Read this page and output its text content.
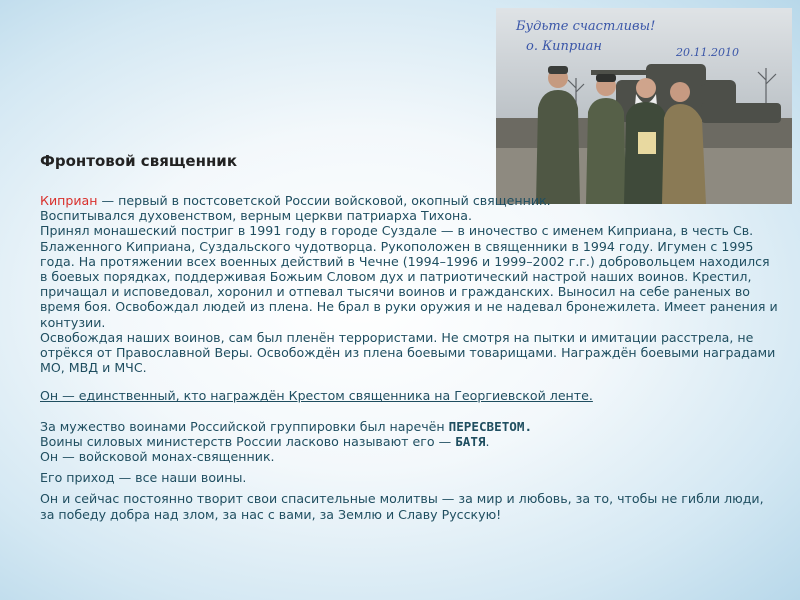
Будьте счастливы!
о. Киприан	20.11.2010
Фронтовой священник

Киприан — первый в постсоветской России войсковой, окопный священник.

Воспитывался духовенством, верным церкви патриарха Тихона.

Принял монашеский постриг в 1991 году в городе Суздале — в иночество с именем Киприана, в честь Св. Блаженного Киприана, Суздальского чудотворца. Рукоположен в священники в 1994 году. Игумен с 1995 года. На протяжении всех военных действий в Чечне (1994–1996 и 1999–2002 г.г.) добровольцем находился в боевых порядках, поддерживая Божьим Словом дух и патриотический настрой наших воинов. Крестил, причащал и исповедовал, хоронил и отпевал тысячи воинов и гражданских. Выносил на себе раненых во время боя. Освобождал людей из плена. Не брал в руки оружия и не надевал бронежилета. Имеет ранения и контузии.

Освобождая наших воинов, сам был пленён террористами. Не смотря на пытки и имитации расстрела, не отрёкся от Православной Веры. Освобождён из плена боевыми товарищами. Награждён боевыми наградами МО, МВД и МЧС.

Он — единственный, кто награждён Крестом священника на Георгиевской ленте.

За мужество воинами Российской группировки был наречён ПЕРЕСВЕТОМ.

Воины силовых министерств России ласково называют его — БАТЯ.

Он — войсковой монах-священник.

Его приход — все наши воины.

Он и сейчас постоянно творит свои спасительные молитвы — за мир и любовь, за то, чтобы не гибли люди, за победу добра над злом, за нас с вами, за Землю и Славу Русскую!
